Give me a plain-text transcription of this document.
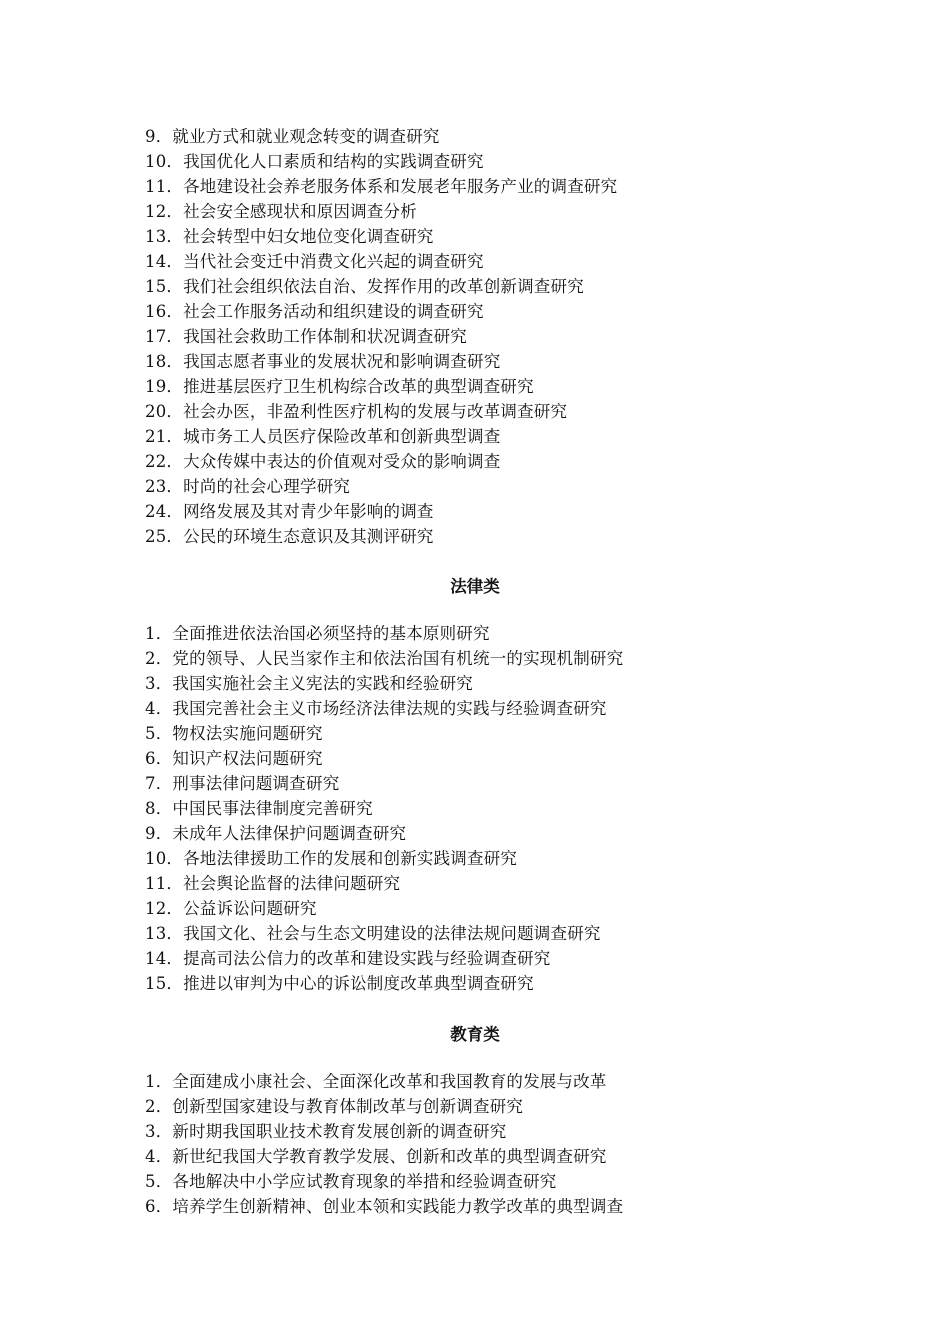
9．就业方式和就业观念转变的调查研究
10．我国优化人口素质和结构的实践调查研究
11．各地建设社会养老服务体系和发展老年服务产业的调查研究
12．社会安全感现状和原因调查分析
13．社会转型中妇女地位变化调查研究
14．当代社会变迁中消费文化兴起的调查研究
15．我们社会组织依法自治、发挥作用的改革创新调查研究
16．社会工作服务活动和组织建设的调查研究
17．我国社会救助工作体制和状况调查研究
18．我国志愿者事业的发展状况和影响调查研究
19．推进基层医疗卫生机构综合改革的典型调查研究
20．社会办医，非盈利性医疗机构的发展与改革调查研究
21．城市务工人员医疗保险改革和创新典型调查
22．大众传媒中表达的价值观对受众的影响调查
23．时尚的社会心理学研究
24．网络发展及其对青少年影响的调查
25．公民的环境生态意识及其测评研究
法律类
1．全面推进依法治国必须坚持的基本原则研究
2．党的领导、人民当家作主和依法治国有机统一的实现机制研究
3．我国实施社会主义宪法的实践和经验研究
4．我国完善社会主义市场经济法律法规的实践与经验调查研究
5．物权法实施问题研究
6．知识产权法问题研究
7．刑事法律问题调查研究
8．中国民事法律制度完善研究
9．未成年人法律保护问题调查研究
10．各地法律援助工作的发展和创新实践调查研究
11．社会舆论监督的法律问题研究
12．公益诉讼问题研究
13．我国文化、社会与生态文明建设的法律法规问题调查研究
14．提高司法公信力的改革和建设实践与经验调查研究
15．推进以审判为中心的诉讼制度改革典型调查研究
教育类
1．全面建成小康社会、全面深化改革和我国教育的发展与改革
2．创新型国家建设与教育体制改革与创新调查研究
3．新时期我国职业技术教育发展创新的调查研究
4．新世纪我国大学教育教学发展、创新和改革的典型调查研究
5．各地解决中小学应试教育现象的举措和经验调查研究
6．培养学生创新精神、创业本领和实践能力教学改革的典型调查
